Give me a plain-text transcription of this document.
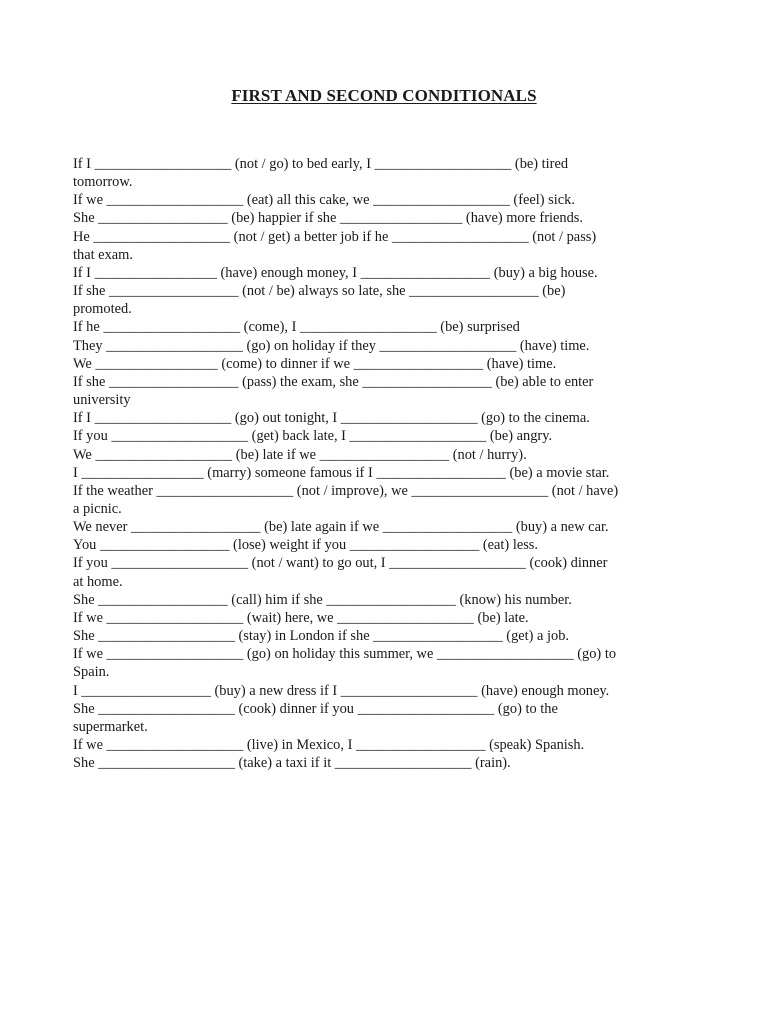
FIRST AND SECOND CONDITIONALS
If I ___________________ (not / go) to bed early, I ___________________ (be) tired
tomorrow.
If we ___________________ (eat) all this cake, we ___________________ (feel) sick.
She __________________ (be) happier if she _________________ (have) more friends.
He ___________________ (not / get) a better job if he ___________________ (not / pass)
that exam.
If I _________________ (have) enough money, I __________________ (buy) a big house.
If she __________________ (not / be) always so late, she __________________ (be)
promoted.
If he ___________________ (come), I ___________________ (be) surprised
They ___________________ (go) on holiday if they ___________________ (have) time.
We _________________ (come) to dinner if we __________________ (have) time.
If she __________________ (pass) the exam, she __________________ (be) able to enter
university
If I ___________________ (go) out tonight, I ___________________ (go) to the cinema.
If you ___________________ (get) back late, I ___________________ (be) angry.
We ___________________ (be) late if we __________________ (not / hurry).
I _________________ (marry) someone famous if I __________________ (be) a movie star.
If the weather ___________________ (not / improve), we ___________________ (not / have)
a picnic.
We never __________________ (be) late again if we __________________ (buy) a new car.
You __________________ (lose) weight if you __________________ (eat) less.
If you ___________________ (not / want) to go out, I ___________________ (cook) dinner
at home.
She __________________ (call) him if she __________________ (know) his number.
If we ___________________ (wait) here, we ___________________ (be) late.
She ___________________ (stay) in London if she __________________ (get) a job.
If we ___________________ (go) on holiday this summer, we ___________________ (go) to
Spain.
I __________________ (buy) a new dress if I ___________________ (have) enough money.
She ___________________ (cook) dinner if you ___________________ (go) to the
supermarket.
If we ___________________ (live) in Mexico, I __________________ (speak) Spanish.
She ___________________ (take) a taxi if it ___________________ (rain).
